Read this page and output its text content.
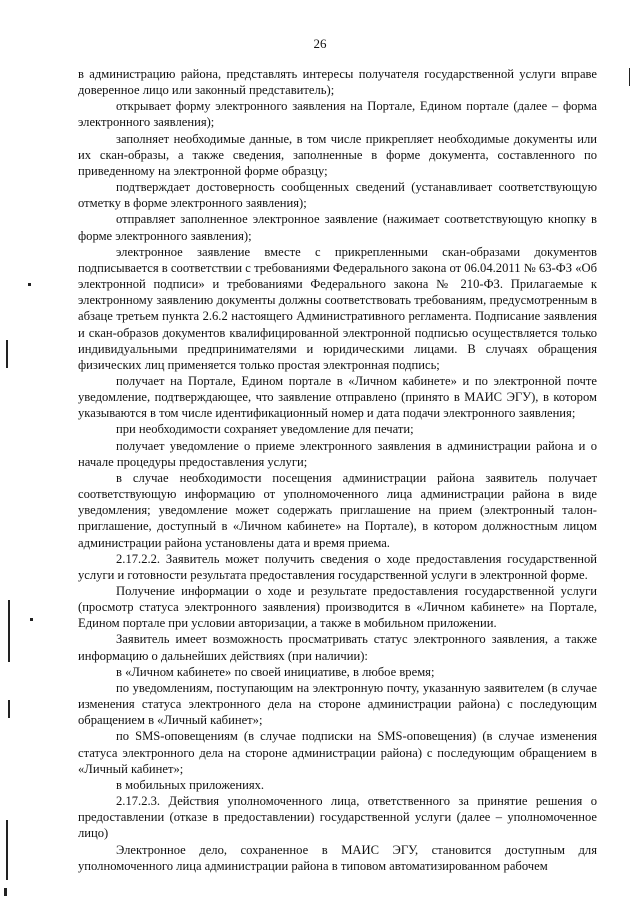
26

в администрацию района, представлять интересы получателя государственной услуги вправе доверенное лицо или законный представитель);

открывает форму электронного заявления на Портале, Едином портале (далее – форма электронного заявления);

заполняет необходимые данные, в том числе прикрепляет необходимые документы или их скан-образы, а также сведения, заполненные в форме документа, составленного по приведенному на электронной форме образцу;

подтверждает достоверность сообщенных сведений (устанавливает соответствующую отметку в форме электронного заявления);

отправляет заполненное электронное заявление (нажимает соответствующую кнопку в форме электронного заявления);

электронное заявление вместе с прикрепленными скан-образами документов подписывается в соответствии с требованиями Федерального закона от 06.04.2011 № 63-ФЗ «Об электронной подписи» и требованиями Федерального закона № 210-ФЗ. Прилагаемые к электронному заявлению документы должны соответствовать требованиям, предусмотренным в абзаце третьем пункта 2.6.2 настоящего Административного регламента. Подписание заявления и скан-образов документов квалифицированной электронной подписью осуществляется только индивидуальными предпринимателями и юридическими лицами. В случаях обращения физических лиц применяется только простая электронная подпись;

получает на Портале, Едином портале в «Личном кабинете» и по электронной почте уведомление, подтверждающее, что заявление отправлено (принято в МАИС ЭГУ), в котором указываются в том числе идентификационный номер и дата подачи электронного заявления;

при необходимости сохраняет уведомление для печати;

получает уведомление о приеме электронного заявления в администрации района и о начале процедуры предоставления услуги;

в случае необходимости посещения администрации района заявитель получает соответствующую информацию от уполномоченного лица администрации района в виде уведомления; уведомление может содержать приглашение на прием (электронный талон-приглашение, доступный в «Личном кабинете» на Портале), в котором должностным лицом администрации района установлены дата и время приема.

2.17.2.2. Заявитель может получить сведения о ходе предоставления государственной услуги и готовности результата предоставления государственной услуги в электронной форме.

Получение информации о ходе и результате предоставления государственной услуги (просмотр статуса электронного заявления) производится в «Личном кабинете» на Портале, Едином портале при условии авторизации, а также в мобильном приложении.

Заявитель имеет возможность просматривать статус электронного заявления, а также информацию о дальнейших действиях (при наличии):

в «Личном кабинете» по своей инициативе, в любое время;

по уведомлениям, поступающим на электронную почту, указанную заявителем (в случае изменения статуса электронного дела на стороне администрации района) с последующим обращением в «Личный кабинет»;

по SMS-оповещениям (в случае подписки на SMS-оповещения) (в случае изменения статуса электронного дела на стороне администрации района) с последующим обращением в «Личный кабинет»;

в мобильных приложениях.

2.17.2.3. Действия уполномоченного лица, ответственного за принятие решения о предоставлении (отказе в предоставлении) государственной услуги (далее – уполномоченное лицо)

Электронное дело, сохраненное в МАИС ЭГУ, становится доступным для уполномоченного лица администрации района в типовом автоматизированном рабочем
